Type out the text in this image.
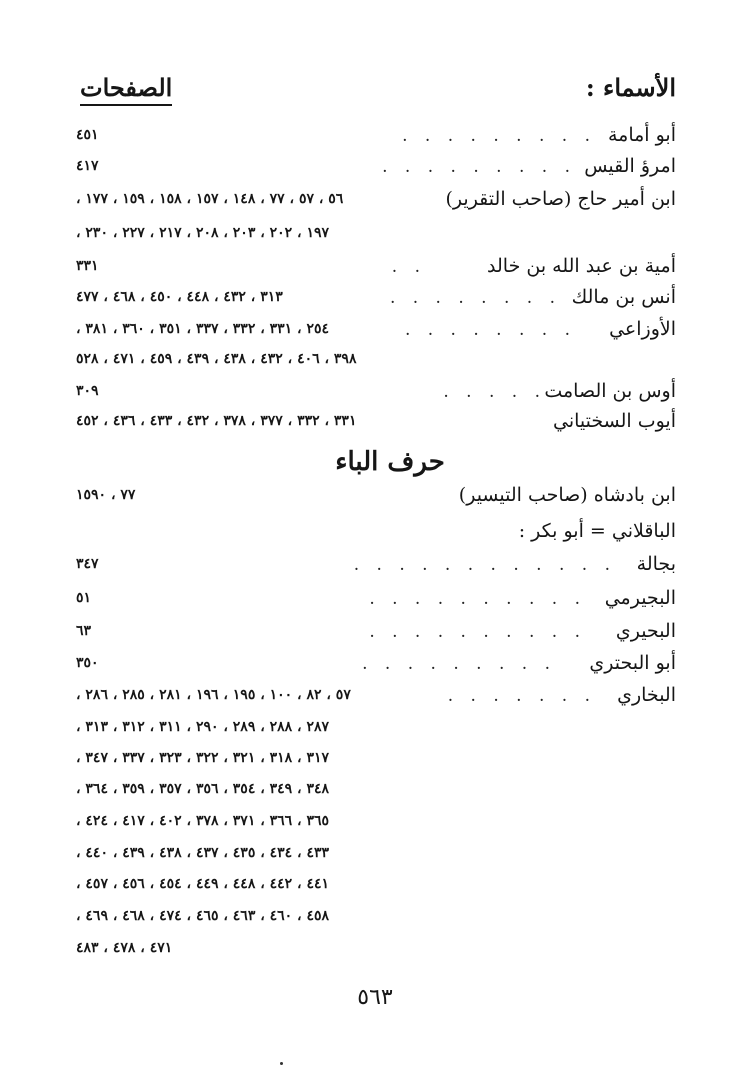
الأسماء :
الصفحات
أبو أمامة
. . . . . . . . .
٤٥١
امرؤ القيس
. . . . . . . . .
٤١٧
ابن أمير حاج (صاحب التقرير)
٥٦ ، ٥٧ ، ٧٧ ، ١٤٨ ، ١٥٧ ، ١٥٨ ، ١٥٩ ، ١٧٧ ،
١٩٧ ، ٢٠٢ ، ٢٠٣ ، ٢٠٨ ، ٢١٧ ، ٢٢٧ ، ٢٣٠ ،
أمية بن عبد الله بن خالد
. .
٣٣١
أنس بن مالك
. . . . . . . .
٣١٣ ، ٤٣٢ ، ٤٤٨ ، ٤٥٠ ، ٤٦٨ ، ٤٧٧
الأوزاعي
. . . . . . . .
٢٥٤ ، ٣٣١ ، ٣٣٢ ، ٣٣٧ ، ٣٥١ ، ٣٦٠ ، ٣٨١ ،
٣٩٨ ، ٤٠٦ ، ٤٣٢ ، ٤٣٨ ، ٤٣٩ ، ٤٥٩ ، ٤٧١ ، ٥٢٨
أوس بن الصامت
. . . . .
٣٠٩
أيوب السختياني
٣٣١ ، ٣٣٢ ، ٣٧٧ ، ٣٧٨ ، ٤٣٢ ، ٤٣٣ ، ٤٣٦ ، ٤٥٢
حرف الباء
ابن بادشاه (صاحب التيسير)
٧٧ ، ١٥٩٠
الباقلاني = أبو بكر :
بجالة
. . . . . . . . . . . .
٣٤٧
البجيرمي
. . . . . . . . . .
٥١
البحيري
. . . . . . . . . .
٦٣
أبو البحتري
. . . . . . . . .
٣٥٠
البخاري
. . . . . . .
٥٧ ، ٨٢ ، ١٠٠ ، ١٩٥ ، ١٩٦ ، ٢٨١ ، ٢٨٥ ، ٢٨٦ ،
٢٨٧ ، ٢٨٨ ، ٢٨٩ ، ٢٩٠ ، ٣١١ ، ٣١٢ ، ٣١٣ ،
٣١٧ ، ٣١٨ ، ٣٢١ ، ٣٢٢ ، ٣٢٣ ، ٣٣٧ ، ٣٤٧ ،
٣٤٨ ، ٣٤٩ ، ٣٥٤ ، ٣٥٦ ، ٣٥٧ ، ٣٥٩ ، ٣٦٤ ،
٣٦٥ ، ٣٦٦ ، ٣٧١ ، ٣٧٨ ، ٤٠٢ ، ٤١٧ ، ٤٢٤ ،
٤٣٣ ، ٤٣٤ ، ٤٣٥ ، ٤٣٧ ، ٤٣٨ ، ٤٣٩ ، ٤٤٠ ،
٤٤١ ، ٤٤٢ ، ٤٤٨ ، ٤٤٩ ، ٤٥٤ ، ٤٥٦ ، ٤٥٧ ،
٤٥٨ ، ٤٦٠ ، ٤٦٣ ، ٤٦٥ ، ٤٧٤ ، ٤٦٨ ، ٤٦٩ ،
٤٧١ ، ٤٧٨ ، ٤٨٣
٥٦٣
